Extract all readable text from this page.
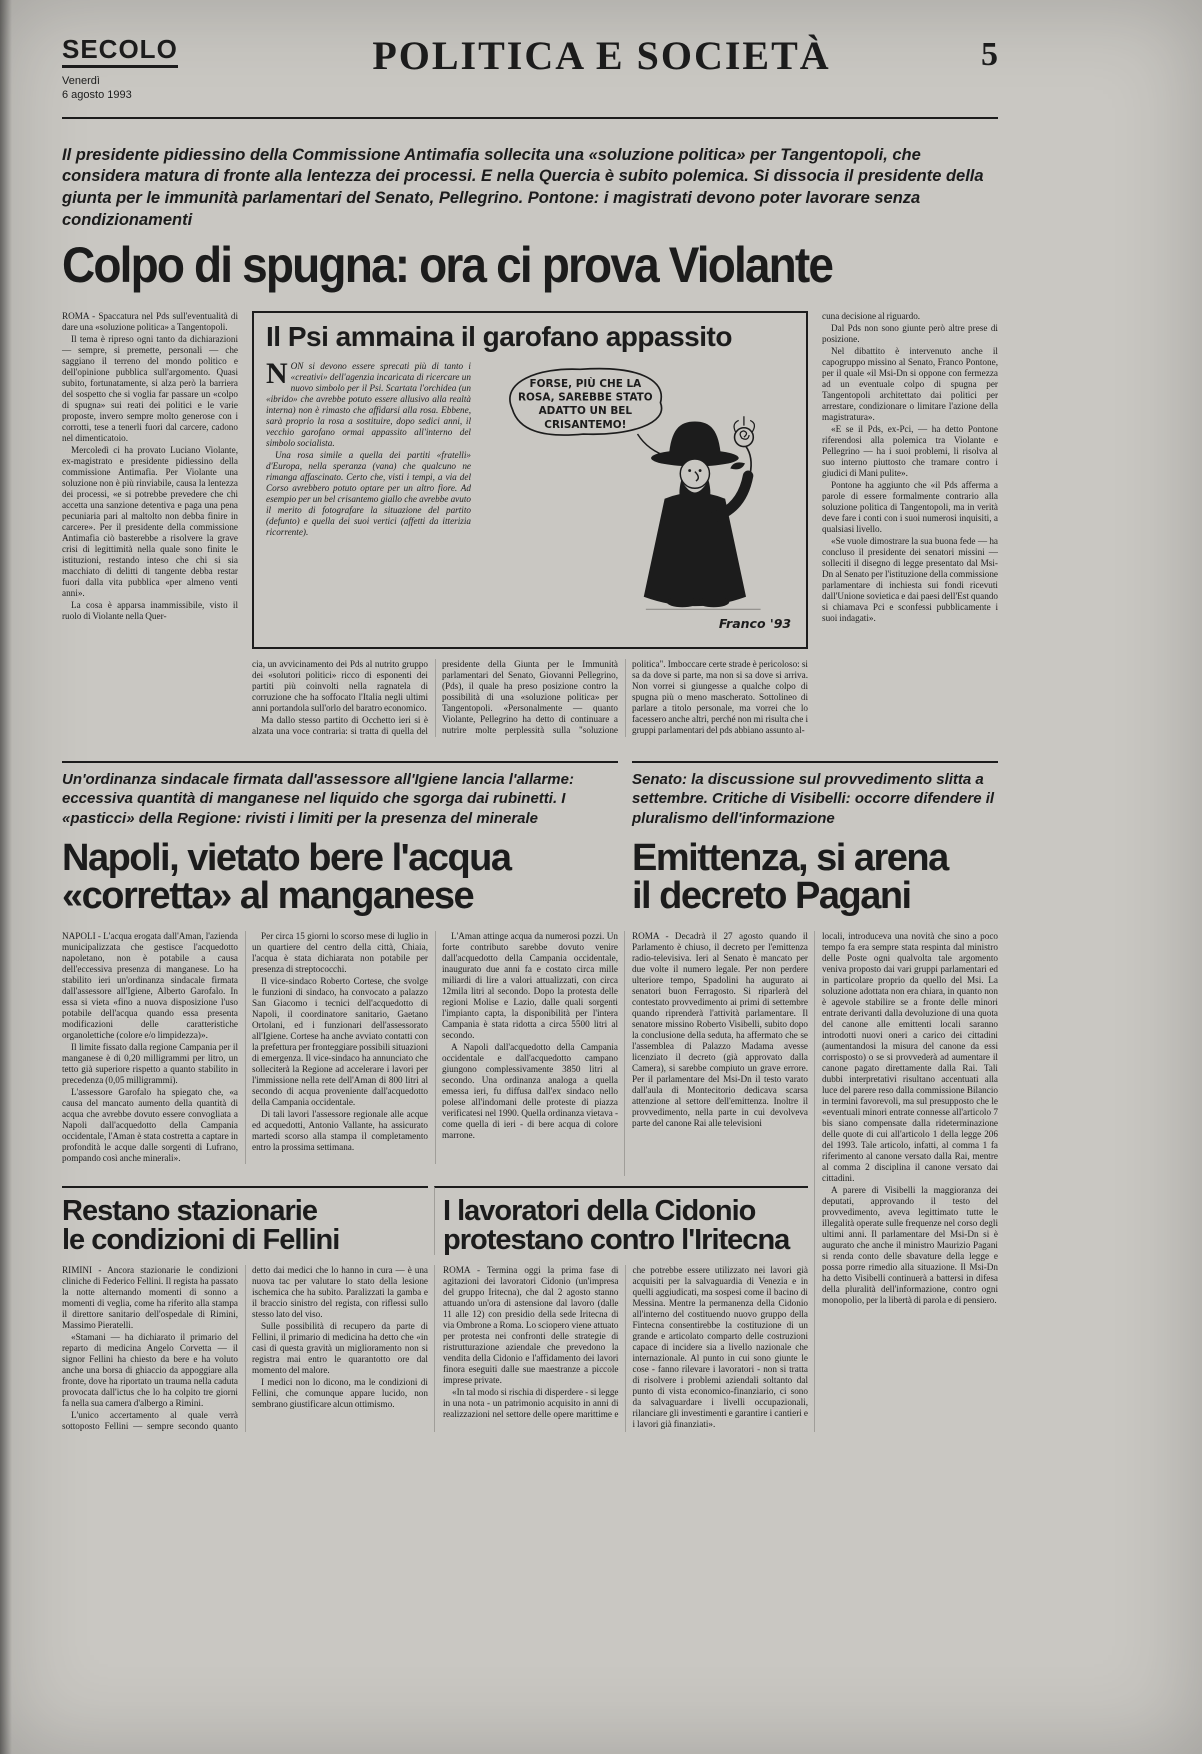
SECOLO
Venerdì
6 agosto 1993
POLITICA E SOCIETÀ	5

Il presidente pidiessino della Commissione Antimafia sollecita una «soluzione politica» per Tangentopoli, che considera matura di fronte alla lentezza dei processi. E nella Quercia è subito polemica. Si dissocia il presidente della giunta per le immunità parlamentari del Senato, Pellegrino. Pontone: i magistrati devono poter lavorare senza condizionamenti

Colpo di spugna: ora ci prova Violante

ROMA - Spaccatura nel Pds sull'eventualità di dare una «soluzione politica» a Tangentopoli.

Il tema è ripreso ogni tanto da dichiarazioni — sempre, si premette, personali — che saggiano il terreno del mondo politico e dell'opinione pubblica sull'argomento. Quasi subito, fortunatamente, si alza però la barriera del sospetto che si voglia far passare un «colpo di spugna» sui reati dei politici e le varie proposte, invero sempre molto generose con i corrotti, tese a tenerli fuori dal carcere, cadono nel dimenticatoio.

Mercoledì ci ha provato Luciano Violante, ex-magistrato e presidente pidiessino della commissione Antimafia. Per Violante una soluzione non è più rinviabile, causa la lentezza dei processi, «e si potrebbe prevedere che chi accetta una sanzione detentiva e paga una pena pecuniaria pari al maltolto non debba finire in carcere». Per il presidente della commissione Antimafia ciò basterebbe a risolvere la grave crisi di legittimità nella quale sono finite le istituzioni, restando inteso che chi si sia macchiato di delitti di tangente debba restar fuori dalla vita pubblica «per almeno venti anni».

La cosa è apparsa inammissibile, visto il ruolo di Violante nella Quer-

Il Psi ammaina il garofano appassito

NON si devono essere sprecati più di tanto i «creativi» dell'agenzia incaricata di ricercare un nuovo simbolo per il Psi. Scartata l'orchidea (un «ibrido» che avrebbe potuto essere allusivo alla realtà interna) non è rimasto che affidarsi alla rosa. Ebbene, sarà proprio la rosa a sostituire, dopo sedici anni, il vecchio garofano ormai appassito all'interno del simbolo socialista.

Una rosa simile a quella dei partiti «fratelli» d'Europa, nella speranza (vana) che qualcuno ne rimanga affascinato. Certo che, visti i tempi, a via del Corso avrebbero potuto optare per un altro fiore. Ad esempio per un bel crisantemo giallo che avrebbe avuto il merito di fotografare la situazione del partito (defunto) e quella dei suoi vertici (affetti da itterizia ricorrente).

FORSE, PIÙ CHE LA
ROSA, SAREBBE STATO
ADATTO UN BEL
CRISANTEMO!
Franco '93

cia, un avvicinamento dei Pds al nutrito gruppo dei «solutori politici» ricco di esponenti dei partiti più coinvolti nella ragnatela di corruzione che ha soffocato l'Italia negli ultimi anni portandola sull'orlo del baratro economico.

Ma dallo stesso partito di Occhetto ieri si è alzata una voce contraria: si tratta di quella del presidente della Giunta per le Immunità parlamentari del Senato, Giovanni Pellegrino, (Pds), il quale ha preso posizione contro la possibilità di una «soluzione politica» per Tangentopoli. «Personalmente — quanto Violante, Pellegrino ha detto di continuare a nutrire molte perplessità sulla "soluzione politica". Imboccare certe strade è pericoloso: si sa da dove si parte, ma non si sa dove si arriva. Non vorrei si giungesse a qualche colpo di spugna più o meno mascherato. Sottolineo di parlare a titolo personale, ma vorrei che lo facessero anche altri, perché non mi risulta che i gruppi parlamentari del pds abbiano assunto al-

cuna decisione al riguardo.

Dal Pds non sono giunte però altre prese di posizione.

Nel dibattito è intervenuto anche il capogruppo missino al Senato, Franco Pontone, per il quale «il Msi-Dn si oppone con fermezza ad un eventuale colpo di spugna per Tangentopoli architettato dai politici per arrestare, condizionare o limitare l'azione della magistratura».

«E se il Pds, ex-Pci, — ha detto Pontone riferendosi alla polemica tra Violante e Pellegrino — ha i suoi problemi, li risolva al suo interno piuttosto che tramare contro i giudici di Mani pulite».

Pontone ha aggiunto che «il Pds afferma a parole di essere formalmente contrario alla soluzione politica di Tangentopoli, ma in verità deve fare i conti con i suoi numerosi inquisiti, a qualsiasi livello.

«Se vuole dimostrare la sua buona fede — ha concluso il presidente dei senatori missini — solleciti il disegno di legge presentato dal Msi-Dn al Senato per l'istituzione della commissione parlamentare di inchiesta sui fondi ricevuti dall'Unione sovietica e dai paesi dell'Est quando si chiamava Pci e sconfessi pubblicamente i suoi indagati».

Un'ordinanza sindacale firmata dall'assessore all'Igiene lancia l'allarme: eccessiva quantità di manganese nel liquido che sgorga dai rubinetti. I «pasticci» della Regione: rivisti i limiti per la presenza del minerale
Senato: la discussione sul provvedimento slitta a settembre. Critiche di Visibelli: occorre difendere il pluralismo dell'informazione
Napoli, vietato bere l'acqua
«corretta» al manganese
Emittenza, si arena
il decreto Pagani

NAPOLI - L'acqua erogata dall'Aman, l'azienda municipalizzata che gestisce l'acquedotto napoletano, non è potabile a causa dell'eccessiva presenza di manganese. Lo ha stabilito ieri un'ordinanza sindacale firmata dall'assessore all'Igiene, Alberto Garofalo. In essa si vieta «fino a nuova disposizione l'uso potabile dell'acqua quando essa presenta modificazioni delle caratteristiche organolettiche (colore e/o limpidezza)».

Il limite fissato dalla regione Campania per il manganese è di 0,20 milligrammi per litro, un tetto già superiore rispetto a quanto stabilito in precedenza (0,05 milligrammi).

L'assessore Garofalo ha spiegato che, «a causa del mancato aumento della quantità di acqua che avrebbe dovuto essere convogliata a Napoli dall'acquedotto della Campania occidentale, l'Aman è stata costretta a captare in profondità le acque dalle sorgenti di Lufrano, pompando così anche minerali».

Per circa 15 giorni lo scorso mese di luglio in un quartiere del centro della città, Chiaia, l'acqua è stata dichiarata non potabile per presenza di streptococchi.

Il vice-sindaco Roberto Cortese, che svolge le funzioni di sindaco, ha convocato a palazzo San Giacomo i tecnici dell'acquedotto di Napoli, il coordinatore sanitario, Gaetano Ortolani, ed i funzionari dell'assessorato all'Igiene. Cortese ha anche avviato contatti con la prefettura per fronteggiare possibili situazioni di emergenza. Il vice-sindaco ha annunciato che solleciterà la Regione ad accelerare i lavori per l'immissione nella rete dell'Aman di 800 litri al secondo di acqua proveniente dall'acquedotto della Campania occidentale.

Di tali lavori l'assessore regionale alle acque ed acquedotti, Antonio Vallante, ha assicurato martedì scorso alla stampa il completamento entro la prossima settimana.

L'Aman attinge acqua da numerosi pozzi. Un forte contributo sarebbe dovuto venire dall'acquedotto della Campania occidentale, inaugurato due anni fa e costato circa mille miliardi di lire a valori attualizzati, con circa 12mila litri al secondo. Dopo la protesta delle regioni Molise e Lazio, dalle quali sorgenti l'impianto capta, la disponibilità per l'intera Campania è stata ridotta a circa 5500 litri al secondo.

A Napoli dall'acquedotto della Campania occidentale e dall'acquedotto campano giungono complessivamente 3850 litri al secondo. Una ordinanza analoga a quella emessa ieri, fu diffusa dall'ex sindaco nello polese all'indomani delle proteste di piazza verificatesi nel 1990. Quella ordinanza vietava - come quella di ieri - di bere acqua di colore marrone.

ROMA - Decadrà il 27 agosto quando il Parlamento è chiuso, il decreto per l'emittenza radio-televisiva. Ieri al Senato è mancato per due volte il numero legale. Per non perdere ulteriore tempo, Spadolini ha augurato ai senatori buon Ferragosto. Si riparlerà del contestato provvedimento ai primi di settembre quando riprenderà l'attività parlamentare. Il senatore missino Roberto Visibelli, subito dopo la conclusione della seduta, ha affermato che se l'assemblea di Palazzo Madama avesse licenziato il decreto (già approvato dalla Camera), si sarebbe compiuto un grave errore. Per il parlamentare del Msi-Dn il testo varato dall'aula di Montecitorio dedicava scarsa attenzione al settore dell'emittenza. Inoltre il provvedimento, nella parte in cui devolveva parte del canone Rai alle televisioni

locali, introduceva una novità che sino a poco tempo fa era sempre stata respinta dal ministro delle Poste ogni qualvolta tale argomento veniva proposto dai vari gruppi parlamentari ed in particolare proprio da quello del Msi. La soluzione adottata non era chiara, in quanto non è agevole stabilire se a fronte delle minori entrate derivanti dalla devoluzione di una quota del canone alle emittenti locali saranno introdotti nuovi oneri a carico dei cittadini (aumentandosi la misura del canone da essi corrisposto) o se si provvederà ad aumentare il canone pagato direttamente dalla Rai. Tali dubbi interpretativi risultano accentuati alla luce del parere reso dalla commissione Bilancio in termini favorevoli, ma sul presupposto che le «eventuali minori entrate connesse all'articolo 7 bis siano compensate dalla rideterminazione delle quote di cui all'articolo 1 della legge 206 del 1993. Tale articolo, infatti, al comma 1 fa riferimento al canone versato dalla Rai, mentre al comma 2 disciplina il canone versato dai cittadini.

A parere di Visibelli la maggioranza dei deputati, approvando il testo del provvedimento, aveva legittimato tutte le illegalità operate sulle frequenze nel corso degli ultimi anni. Il parlamentare del Msi-Dn si è augurato che anche il ministro Maurizio Pagani si renda conto delle sbavature della legge e possa porre rimedio alla situazione. Il Msi-Dn ha detto Visibelli continuerà a battersi in difesa della pluralità dell'informazione, contro ogni monopolio, per la libertà di parola e di pensiero.

Restano stazionarie
le condizioni di Fellini
I lavoratori della Cidonio
protestano contro l'Iritecna

RIMINI - Ancora stazionarie le condizioni cliniche di Federico Fellini. Il regista ha passato la notte alternando momenti di sonno a momenti di veglia, come ha riferito alla stampa il direttore sanitario dell'ospedale di Rimini, Massimo Pieratelli.

«Stamani — ha dichiarato il primario del reparto di medicina Angelo Corvetta — il signor Fellini ha chiesto da bere e ha voluto anche una borsa di ghiaccio da appoggiare alla fronte, dove ha riportato un trauma nella caduta provocata dall'ictus che lo ha colpito tre giorni fa nella sua camera d'albergo a Rimini.

L'unico accertamento al quale verrà sottoposto Fellini — sempre secondo quanto detto dai medici che lo hanno in cura — è una nuova tac per valutare lo stato della lesione ischemica che ha subìto. Paralizzati la gamba e il braccio sinistro del regista, con riflessi sullo stesso lato del viso.

Sulle possibilità di recupero da parte di Fellini, il primario di medicina ha detto che «in casi di questa gravità un miglioramento non si registra mai entro le quarantotto ore dal momento del malore.

I medici non lo dicono, ma le condizioni di Fellini, che comunque appare lucido, non sembrano giustificare alcun ottimismo.

ROMA - Termina oggi la prima fase di agitazioni dei lavoratori Cidonio (un'impresa del gruppo Iritecna), che dal 2 agosto stanno attuando un'ora di astensione dal lavoro (dalle 11 alle 12) con presidio della sede Iritecna di via Ombrone a Roma. Lo sciopero viene attuato per protesta nei confronti delle strategie di ristrutturazione aziendale che prevedono la vendita della Cidonio e l'affidamento dei lavori finora eseguiti dalle sue maestranze a piccole imprese private.

«In tal modo si rischia di disperdere - si legge in una nota - un patrimonio acquisito in anni di realizzazioni nel settore delle opere marittime e che potrebbe essere utilizzato nei lavori già acquisiti per la salvaguardia di Venezia e in quelli aggiudicati, ma sospesi come il bacino di Messina. Mentre la permanenza della Cidonio all'interno del costituendo nuovo gruppo della Fintecna consentirebbe la costituzione di un grande e articolato comparto delle costruzioni capace di incidere sia a livello nazionale che internazionale. Al punto in cui sono giunte le cose - fanno rilevare i lavoratori - non si tratta di risolvere i problemi aziendali soltanto dal punto di vista economico-finanziario, ci sono da salvaguardare i livelli occupazionali, rilanciare gli investimenti e garantire i cantieri e i lavori già finanziati».
